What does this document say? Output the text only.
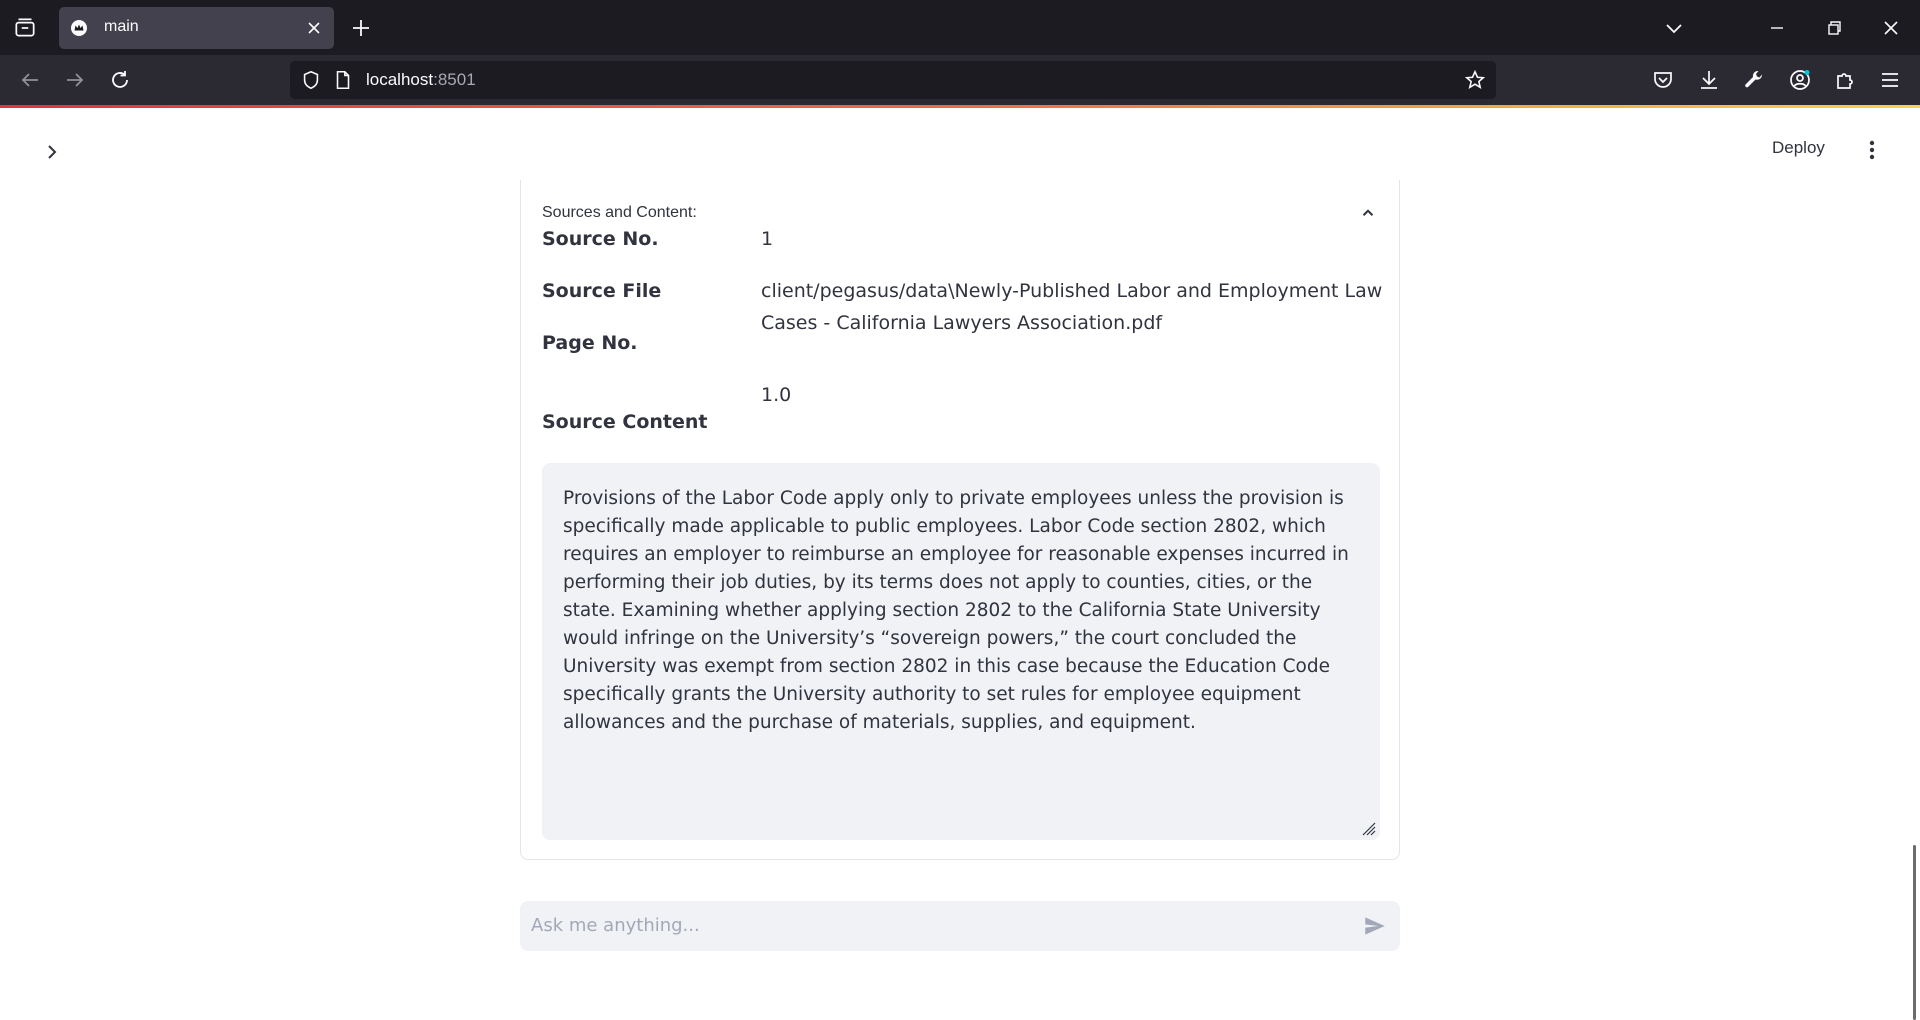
main
localhost:8501
Deploy
Sources and Content:
Source No.	1
Source File	client/pegasus/data\Newly-Published Labor and Employment Law Cases - California Lawyers Association.pdf
Page No.
1.0
Source Content
Provisions of the Labor Code apply only to private employees unless the provision is specifically made applicable to public employees. Labor Code section 2802, which requires an employer to reimburse an employee for reasonable expenses incurred in performing their job duties, by its terms does not apply to counties, cities, or the state. Examining whether applying section 2802 to the California State University would infringe on the University’s “sovereign powers,” the court concluded the University was exempt from section 2802 in this case because the Education Code specifically grants the University authority to set rules for employee equipment allowances and the purchase of materials, supplies, and equipment.
Ask me anything...
